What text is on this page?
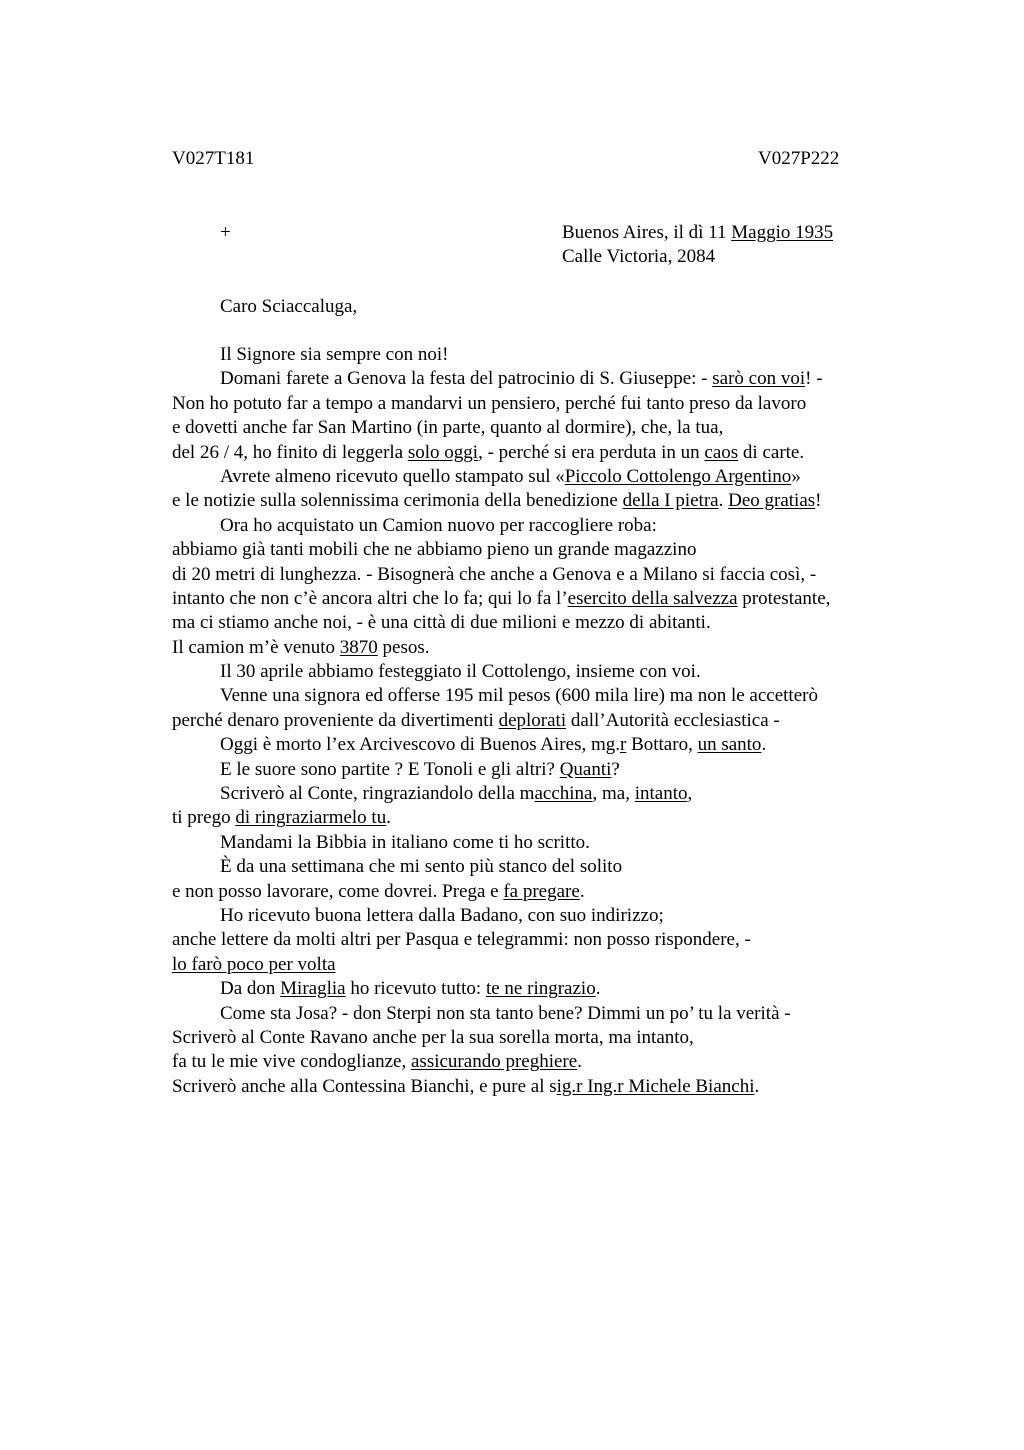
V027T181	V027P222
+	Buenos Aires, il dì 11 Maggio 1935
Calle Victoria, 2084
Caro Sciaccaluga,
Il Signore sia sempre con noi!
Domani farete a Genova la festa del patrocinio di S. Giuseppe: - sarò con voi! -
Non ho potuto far a tempo a mandarvi un pensiero, perché fui tanto preso da lavoro
e dovetti anche far San Martino (in parte, quanto al dormire), che, la tua,
del 26 / 4, ho finito di leggerla solo oggi, - perché si era perduta in un caos di carte.
Avrete almeno ricevuto quello stampato sul «Piccolo Cottolengo Argentino»
e le notizie sulla solennissima cerimonia della benedizione della I pietra. Deo gratias!
Ora ho acquistato un Camion nuovo per raccogliere roba:
abbiamo già tanti mobili che ne abbiamo pieno un grande magazzino
di 20 metri di lunghezza. - Bisognerà che anche a Genova e a Milano si faccia così, -
intanto che non c’è ancora altri che lo fa; qui lo fa l’esercito della salvezza protestante,
ma ci stiamo anche noi, - è una città di due milioni e mezzo di abitanti.
Il camion m’è venuto 3870 pesos.
Il 30 aprile abbiamo festeggiato il Cottolengo, insieme con voi.
Venne una signora ed offerse 195 mil pesos (600 mila lire) ma non le accetterò
perché denaro proveniente da divertimenti deplorati dall’Autorità ecclesiastica -
Oggi è morto l’ex Arcivescovo di Buenos Aires, mg.r Bottaro, un santo.
E le suore sono partite ? E Tonoli e gli altri? Quanti?
Scriverò al Conte, ringraziandolo della macchina, ma, intanto,
ti prego di ringraziarmelo tu.
Mandami la Bibbia in italiano come ti ho scritto.
È da una settimana che mi sento più stanco del solito
e non posso lavorare, come dovrei. Prega e fa pregare.
Ho ricevuto buona lettera dalla Badano, con suo indirizzo;
anche lettere da molti altri per Pasqua e telegrammi: non posso rispondere, -
lo farò poco per volta
Da don Miraglia ho ricevuto tutto: te ne ringrazio.
Come sta Josa? - don Sterpi non sta tanto bene? Dimmi un po’ tu la verità -
Scriverò al Conte Ravano anche per la sua sorella morta, ma intanto,
fa tu le mie vive condoglianze, assicurando preghiere.
Scriverò anche alla Contessina Bianchi, e pure al sig.r Ing.r Michele Bianchi.
